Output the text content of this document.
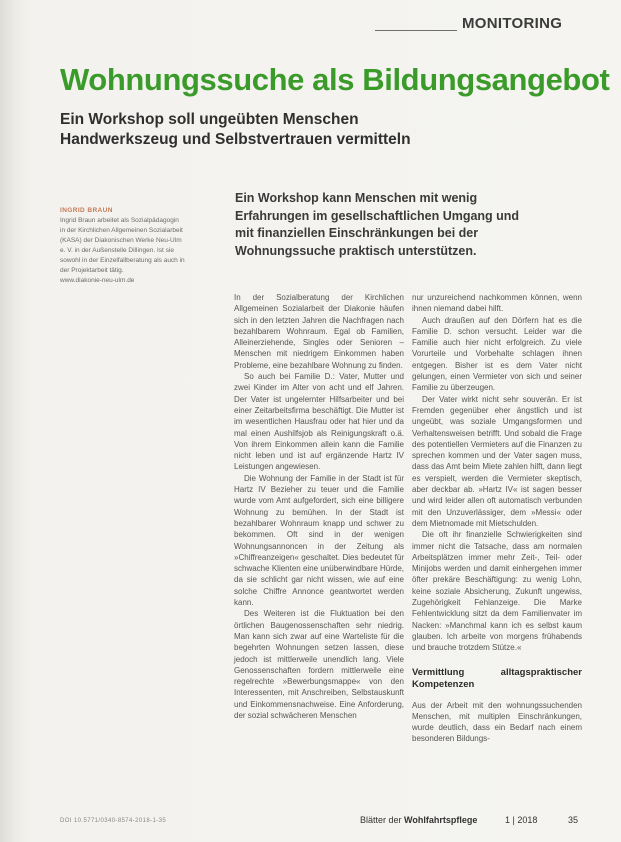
MONITORING
Wohnungssuche als Bildungsangebot
Ein Workshop soll ungeübten Menschen Handwerkszeug und Selbstvertrauen vermitteln
INGRID BRAUN
Ingrid Braun arbeitet als Sozialpädagogin in der Kirchlichen Allgemeinen Sozialarbeit (KASA) der Diakonischen Werke Neu-Ulm e. V. in der Außenstelle Dillingen. Ist sie sowohl in der Einzelfallberatung als auch in der Projektarbeit tätig.
www.diakonie-neu-ulm.de
Ein Workshop kann Menschen mit wenig Erfahrungen im gesellschaftlichen Umgang und mit finanziellen Einschränkungen bei der Wohnungssuche praktisch unterstützen.

In der Sozialberatung der Kirchlichen Allgemeinen Sozialarbeit der Diakonie häufen sich in den letzten Jahren die Nachfragen nach bezahlbarem Wohnraum. Egal ob Familien, Alleinerziehende, Singles oder Senioren – Menschen mit niedrigem Einkommen haben Probleme, eine bezahlbare Wohnung zu finden.

So auch bei Familie D.: Vater, Mutter und zwei Kinder im Alter von acht und elf Jahren. Der Vater ist ungelernter Hilfsarbeiter und bei einer Zeitarbeitsfirma beschäftigt. Die Mutter ist im wesentlichen Hausfrau oder hat hier und da mal einen Aushilfsjob als Reinigungskraft o.ä. Von ihrem Einkommen allein kann die Familie nicht leben und ist auf ergänzende Hartz IV Leistungen angewiesen.

Die Wohnung der Familie in der Stadt ist für Hartz IV Bezieher zu teuer und die Familie wurde vom Amt aufgefordert, sich eine billigere Wohnung zu bemühen. In der Stadt ist bezahlbarer Wohnraum knapp und schwer zu bekommen. Oft sind in der wenigen Wohnungsannoncen in der Zeitung als »Chiffreanzeigen« geschaltet. Dies bedeutet für schwache Klienten eine unüberwindbare Hürde, da sie schlicht gar nicht wissen, wie auf eine solche Chiffre Annonce geantwortet werden kann.

Des Weiteren ist die Fluktuation bei den örtlichen Baugenossenschaften sehr niedrig. Man kann sich zwar auf eine Warteliste für die begehrten Wohnungen setzen lassen, diese jedoch ist mittlerweile unendlich lang. Viele Genossenschaften fordern mittlerweile eine regelrechte »Bewerbungsmappe« von den Interessenten, mit Anschreiben, Selbstauskunft und Einkommensnachweise. Eine Anforderung, der sozial schwächeren Menschen

nur unzureichend nachkommen können, wenn ihnen niemand dabei hilft.

Auch draußen auf den Dörfern hat es die Familie D. schon versucht. Leider war die Familie auch hier nicht erfolgreich. Zu viele Vorurteile und Vorbehalte schlagen ihnen entgegen. Bisher ist es dem Vater nicht gelungen, einen Vermieter von sich und seiner Familie zu überzeugen.

Der Vater wirkt nicht sehr souverän. Er ist Fremden gegenüber eher ängstlich und ist ungeübt, was soziale Umgangsformen und Verhaltensweisen betrifft. Und sobald die Frage des potentiellen Vermieters auf die Finanzen zu sprechen kommen und der Vater sagen muss, dass das Amt beim Miete zahlen hilft, dann liegt es verspielt, werden die Vermieter skeptisch, aber deckbar ab. »Hartz IV« ist sagen besser und wird leider allen oft automatisch verbunden mit den Unzuverlässiger, dem »Messi« oder dem Mietnomade mit Mietschulden.

Die oft ihr finanzielle Schwierigkeiten sind immer nicht die Tatsache, dass am normalen Arbeitsplätzen immer mehr Zeit-, Teil- oder Minijobs werden und damit einhergehen immer öfter prekäre Beschäftigung: zu wenig Lohn, keine soziale Absicherung, Zukunft ungewiss, Zugehörigkeit Fehlanzeige. Die Marke Fehlentwicklung sitzt da dem Familienvater im Nacken: »Manchmal kann ich es selbst kaum glauben. Ich arbeite von morgens frühabends und brauche trotzdem Stütze.«

Vermittlung alltagspraktischer Kompetenzen

Aus der Arbeit mit den wohnungssuchenden Menschen, mit multiplen Einschränkungen, wurde deutlich, dass ein Bedarf nach einem besonderen Bildungs-

DOI 10.5771/0340-8574-2018-1-35	Blätter der Wohlfahrtspflege	1 | 2018	35
